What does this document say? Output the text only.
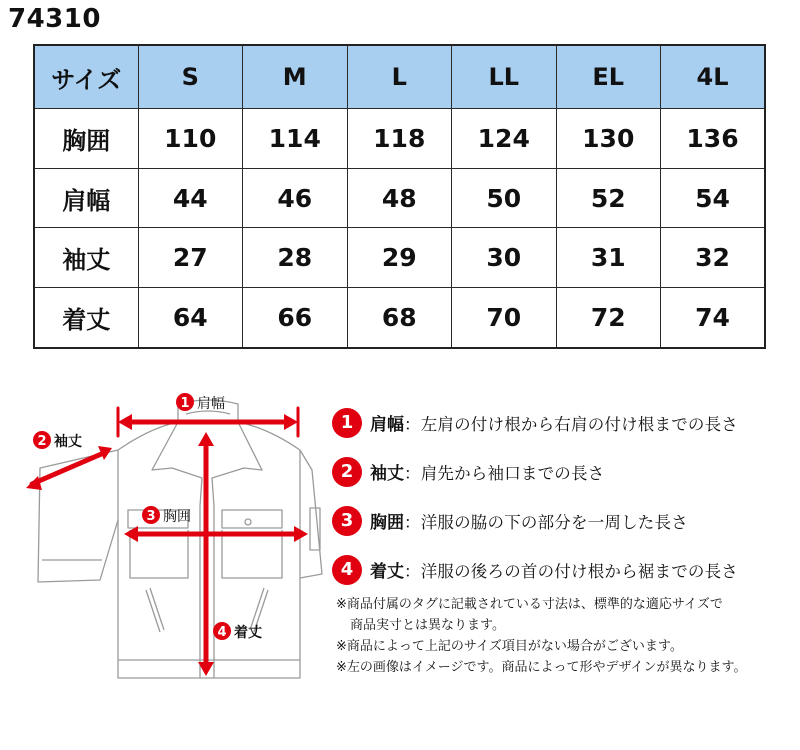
74310
サイズ	S	M	L	LL	EL	4L
胸囲	110	114	118	124	130	136
肩幅	44	46	48	50	52	54
袖丈	27	28	29	30	31	32
着丈	64	66	68	70	72	74
1 肩幅
2 袖丈
3 胸囲
4 着丈
1 肩幅 ：左肩の付け根から右肩の付け根までの長さ
2 袖丈 ：肩先から袖口までの長さ
3 胸囲 ：洋服の脇の下の部分を一周した長さ
4 着丈 ：洋服の後ろの首の付け根から裾までの長さ
※商品付属のタグに記載されている寸法は、標準的な適応サイズで
商品実寸とは異なります。
※商品によって上記のサイズ項目がない場合がございます。
※左の画像はイメージです。商品によって形やデザインが異なります。
